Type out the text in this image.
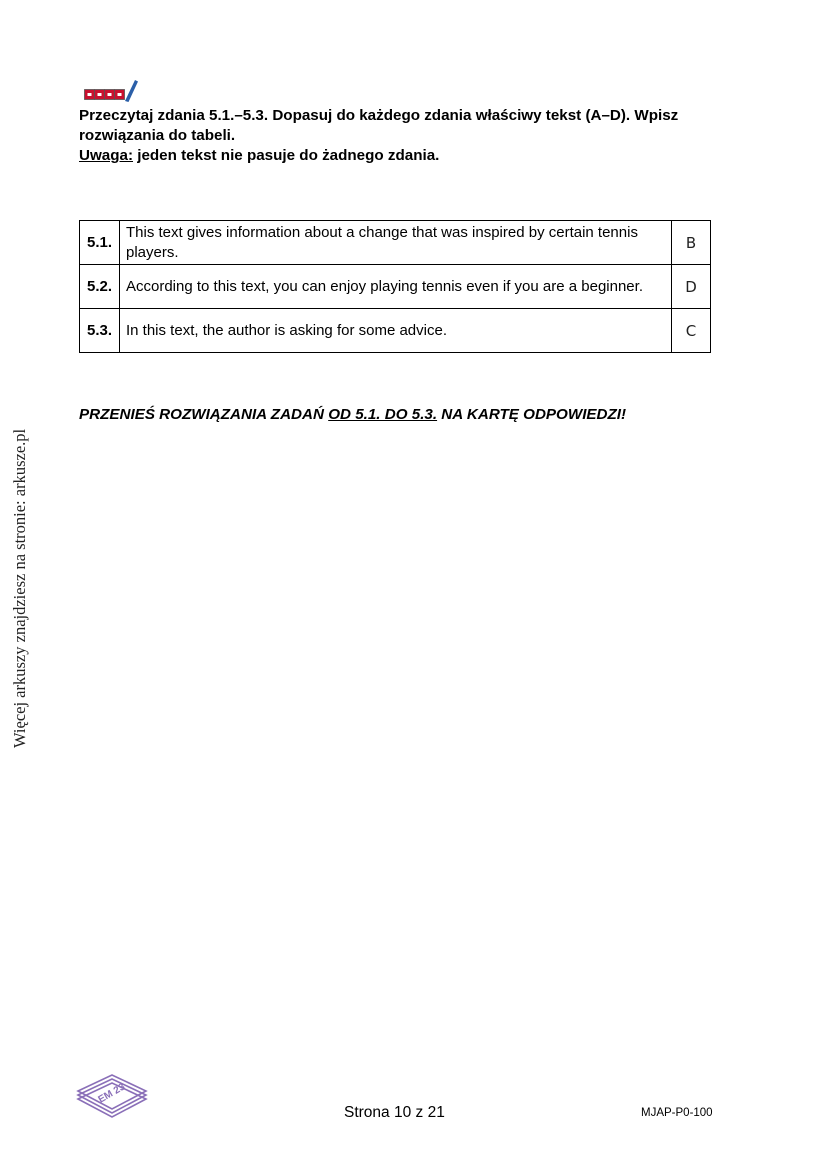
Więcej arkuszy znajdziesz na stronie: arkusze.pl
Przeczytaj zdania 5.1.–5.3. Dopasuj do każdego zdania właściwy tekst (A–D). Wpisz rozwiązania do tabeli.
Uwaga: jeden tekst nie pasuje do żadnego zdania.
5.1.	This text gives information about a change that was inspired by certain tennis players.	B
5.2.	According to this text, you can enjoy playing tennis even if you are a beginner.	D
5.3.	In this text, the author is asking for some advice.	C
PRZENIEŚ ROZWIĄZANIA ZADAŃ OD 5.1. DO 5.3. NA KARTĘ ODPOWIEDZI!
EM 23
Strona 10 z 21	MJAP-P0-100
